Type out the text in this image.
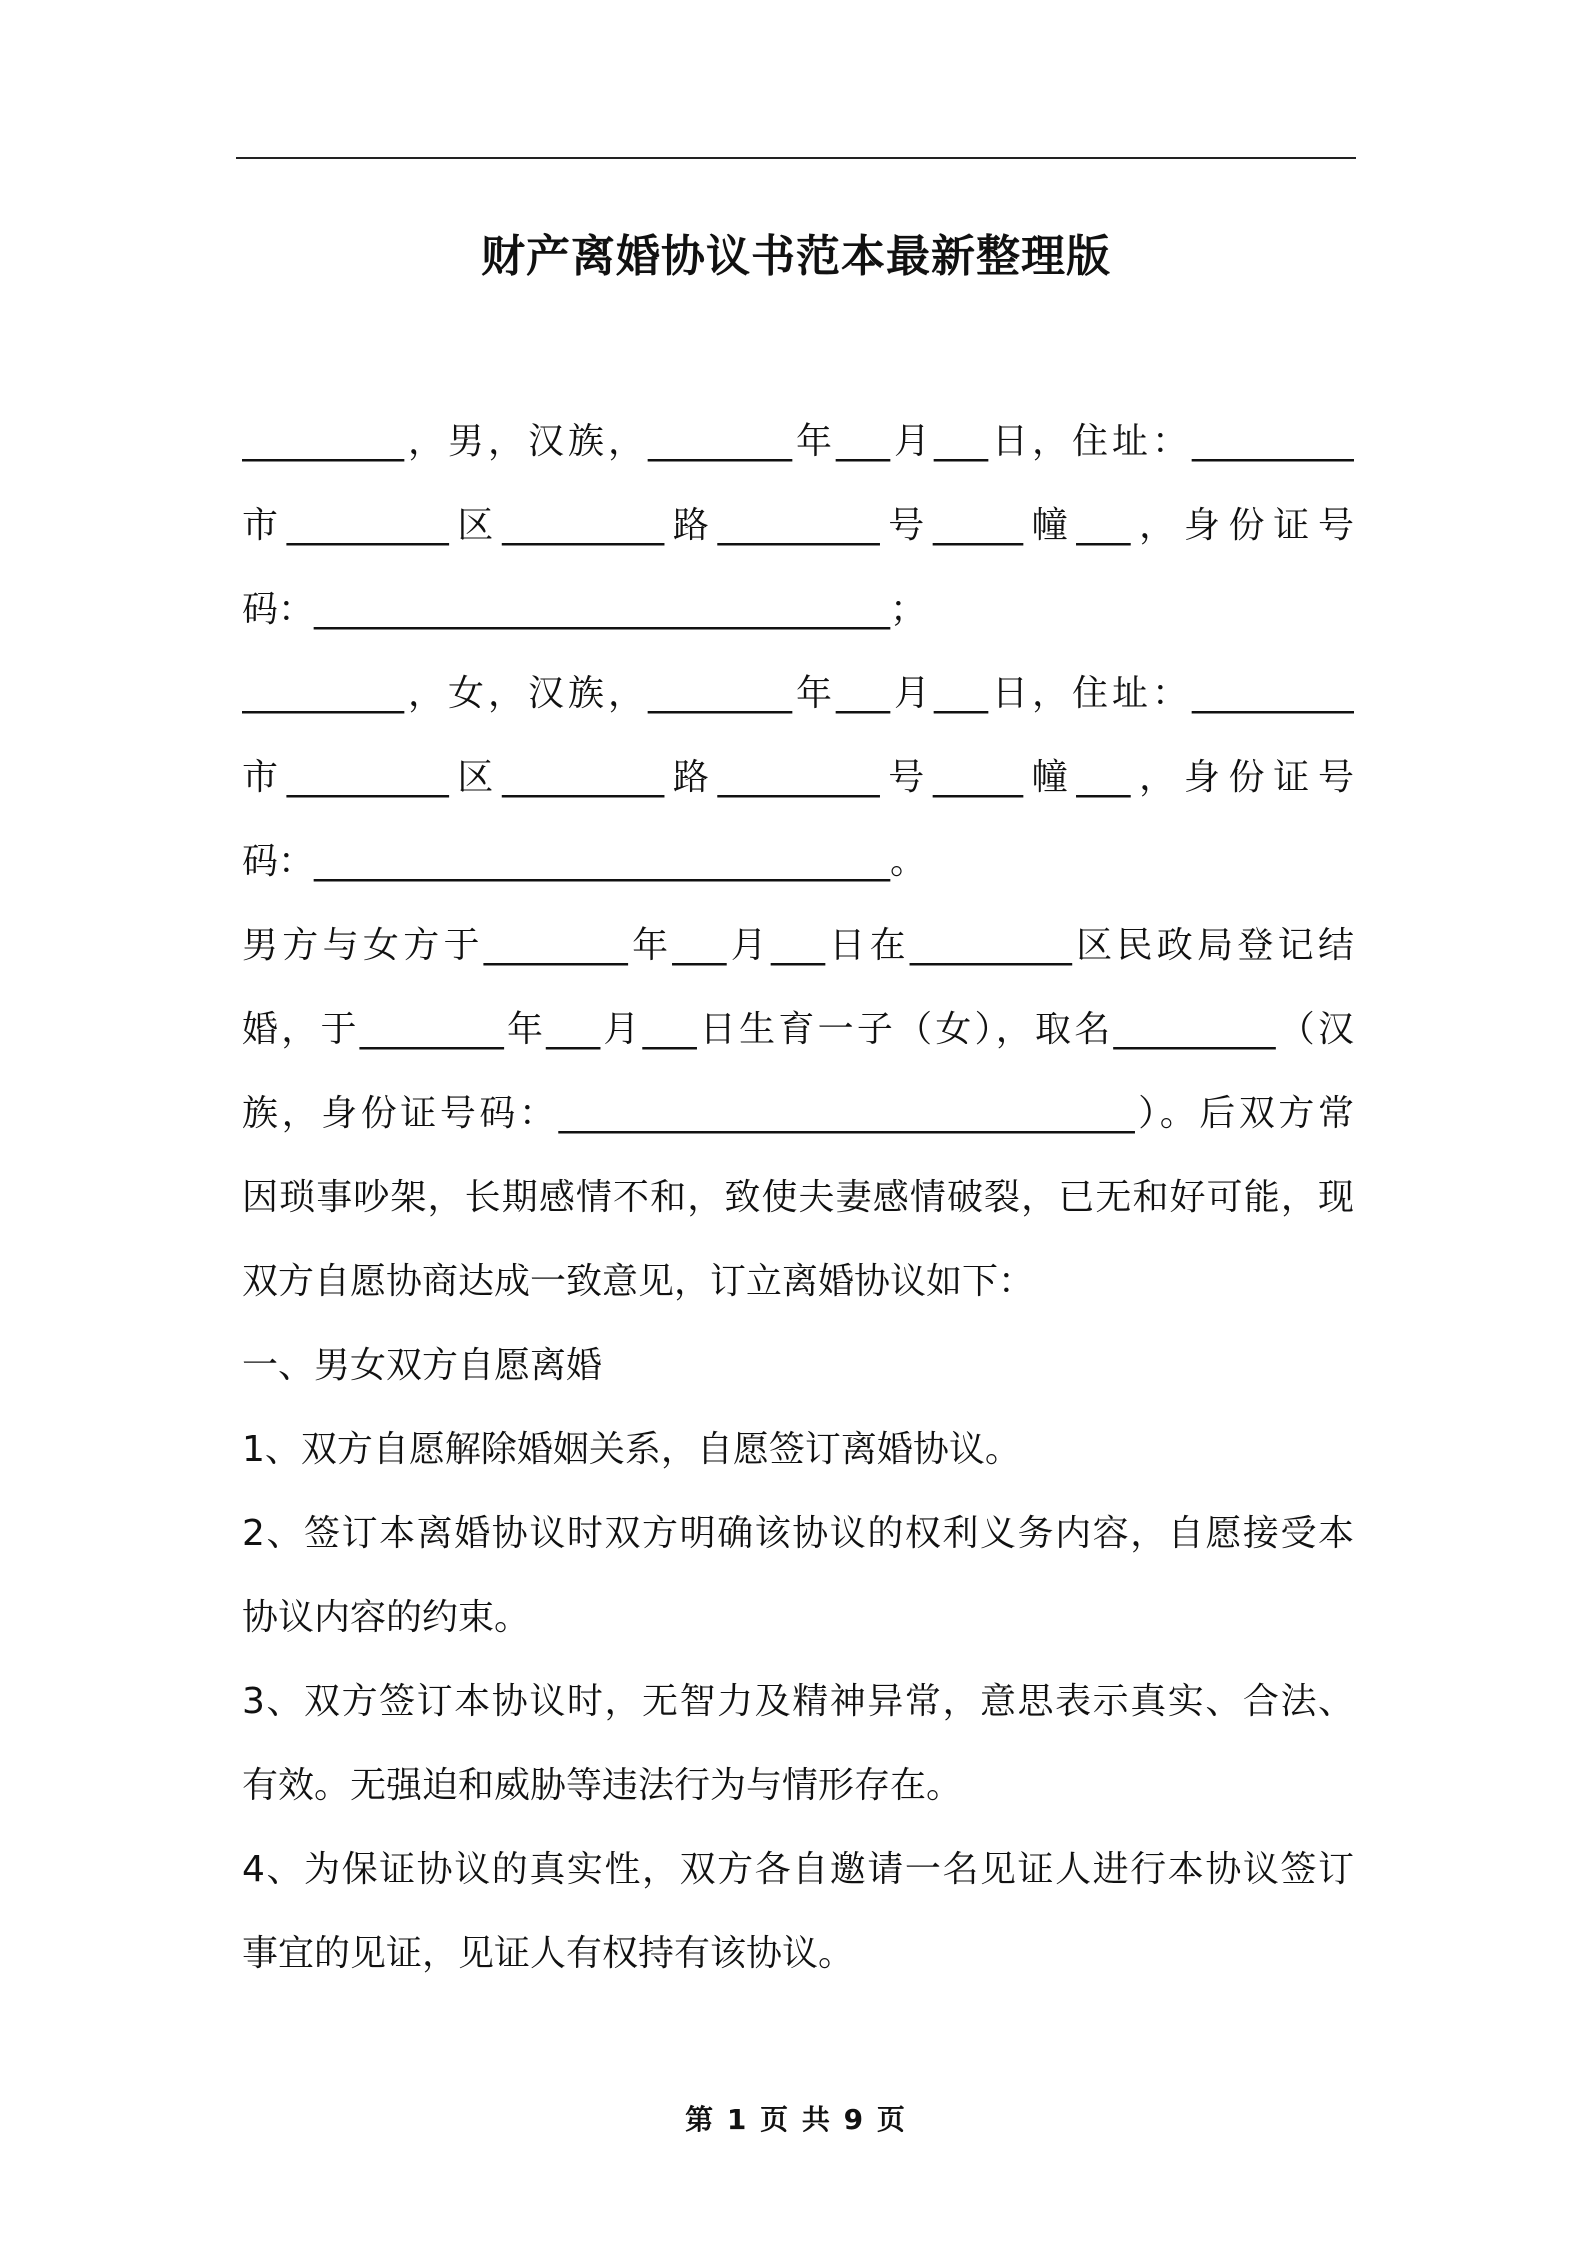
财产离婚协议书范本最新整理版
_________，男，汉族，________年___月___日，住址：_________
市_________区_________路_________号_____幢___，身份证号
码：________________________________；
_________，女，汉族，________年___月___日，住址：_________
市_________区_________路_________号_____幢___，身份证号
码：________________________________。
男方与女方于________年___月___日在_________区民政局登记结
婚，于________年___月___日生育一子（女），取名_________（汉
族，身份证号码：________________________________）。后双方常
因琐事吵架，长期感情不和，致使夫妻感情破裂，已无和好可能，现
双方自愿协商达成一致意见，订立离婚协议如下：
一、男女双方自愿离婚
1、双方自愿解除婚姻关系，自愿签订离婚协议。
2、签订本离婚协议时双方明确该协议的权利义务内容，自愿接受本
协议内容的约束。
3、双方签订本协议时，无智力及精神异常，意思表示真实、合法、
有效。无强迫和威胁等违法行为与情形存在。
4、为保证协议的真实性，双方各自邀请一名见证人进行本协议签订
事宜的见证，见证人有权持有该协议。
第 1 页 共 9 页
